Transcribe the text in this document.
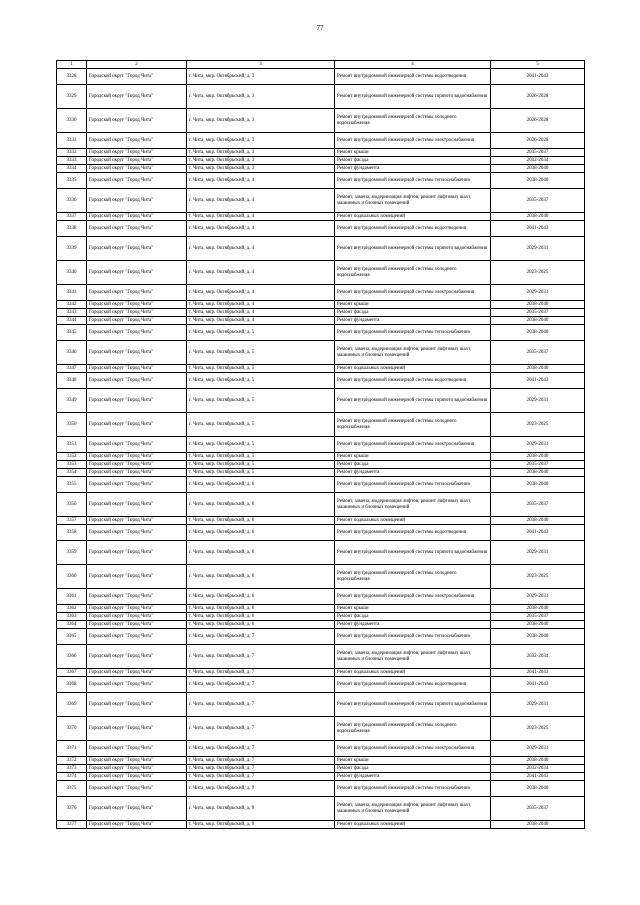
77
1	2	3	4	5
3328	Городской округ "Город Чита"	г. Чита, мкр. Октябрьский, д. 3	Ремонт внутридомовой инженерной системы водоотведения	2041-2043
3329	Городской округ "Город Чита"	г. Чита, мкр. Октябрьский, д. 3	Ремонт внутридомовой инженерной системы горячего водоснабжения	2026-2028
3330	Городской округ "Город Чита"	г. Чита, мкр. Октябрьский, д. 3	Ремонт внутридомовой инженерной системы холодного водоснабжения	2026-2028
3331	Городской округ "Город Чита"	г. Чита, мкр. Октябрьский, д. 3	Ремонт внутридомовой инженерной системы электроснабжения	2026-2028
3332	Городской округ "Город Чита"	г. Чита, мкр. Октябрьский, д. 3	Ремонт крыши	2035-2037
3333	Городской округ "Город Чита"	г. Чита, мкр. Октябрьский, д. 3	Ремонт фасада	2032-2034
3334	Городской округ "Город Чита"	г. Чита, мкр. Октябрьский, д. 3	Ремонт фундамента	2038-2040
3335	Городской округ "Город Чита"	г. Чита, мкр. Октябрьский, д. 4	Ремонт внутридомовой инженерной системы теплоснабжения	2038-2040
3336	Городской округ "Город Чита"	г. Чита, мкр. Октябрьский, д. 4	Ремонт, замена, модернизация лифтов, ремонт лифтовых шахт, машинных и блочных помещений	2035-2037
3337	Городской округ "Город Чита"	г. Чита, мкр. Октябрьский, д. 4	Ремонт подвальных помещений	2038-2040
3338	Городской округ "Город Чита"	г. Чита, мкр. Октябрьский, д. 4	Ремонт внутридомовой инженерной системы водоотведения	2041-2043
3339	Городской округ "Город Чита"	г. Чита, мкр. Октябрьский, д. 4	Ремонт внутридомовой инженерной системы горячего водоснабжения	2029-2031
3340	Городской округ "Город Чита"	г. Чита, мкр. Октябрьский, д. 4	Ремонт внутридомовой инженерной системы холодного водоснабжения	2023-2025
3341	Городской округ "Город Чита"	г. Чита, мкр. Октябрьский, д. 4	Ремонт внутридомовой инженерной системы электроснабжения	2029-2031
3342	Городской округ "Город Чита"	г. Чита, мкр. Октябрьский, д. 4	Ремонт крыши	2038-2040
3343	Городской округ "Город Чита"	г. Чита, мкр. Октябрьский, д. 4	Ремонт фасада	2035-2037
3344	Городской округ "Город Чита"	г. Чита, мкр. Октябрьский, д. 4	Ремонт фундамента	2038-2040
3345	Городской округ "Город Чита"	г. Чита, мкр. Октябрьский, д. 5	Ремонт внутридомовой инженерной системы теплоснабжения	2038-2040
3346	Городской округ "Город Чита"	г. Чита, мкр. Октябрьский, д. 5	Ремонт, замена, модернизация лифтов, ремонт лифтовых шахт, машинных и блочных помещений	2035-2037
3347	Городской округ "Город Чита"	г. Чита, мкр. Октябрьский, д. 5	Ремонт подвальных помещений	2038-2040
3348	Городской округ "Город Чита"	г. Чита, мкр. Октябрьский, д. 5	Ремонт внутридомовой инженерной системы водоотведения	2041-2043
3349	Городской округ "Город Чита"	г. Чита, мкр. Октябрьский, д. 5	Ремонт внутридомовой инженерной системы горячего водоснабжения	2029-2031
3350	Городской округ "Город Чита"	г. Чита, мкр. Октябрьский, д. 5	Ремонт внутридомовой инженерной системы холодного водоснабжения	2023-2025
3351	Городской округ "Город Чита"	г. Чита, мкр. Октябрьский, д. 5	Ремонт внутридомовой инженерной системы электроснабжения	2029-2031
3352	Городской округ "Город Чита"	г. Чита, мкр. Октябрьский, д. 5	Ремонт крыши	2038-2040
3353	Городской округ "Город Чита"	г. Чита, мкр. Октябрьский, д. 5	Ремонт фасада	2035-2037
3354	Городской округ "Город Чита"	г. Чита, мкр. Октябрьский, д. 5	Ремонт фундамента	2038-2040
3355	Городской округ "Город Чита"	г. Чита, мкр. Октябрьский, д. 6	Ремонт внутридомовой инженерной системы теплоснабжения	2038-2040
3356	Городской округ "Город Чита"	г. Чита, мкр. Октябрьский, д. 6	Ремонт, замена, модернизация лифтов, ремонт лифтовых шахт, машинных и блочных помещений	2035-2037
3357	Городской округ "Город Чита"	г. Чита, мкр. Октябрьский, д. 6	Ремонт подвальных помещений	2038-2040
3358	Городской округ "Город Чита"	г. Чита, мкр. Октябрьский, д. 6	Ремонт внутридомовой инженерной системы водоотведения	2041-2043
3359	Городской округ "Город Чита"	г. Чита, мкр. Октябрьский, д. 6	Ремонт внутридомовой инженерной системы горячего водоснабжения	2029-2031
3360	Городской округ "Город Чита"	г. Чита, мкр. Октябрьский, д. 6	Ремонт внутридомовой инженерной системы холодного водоснабжения	2023-2025
3361	Городской округ "Город Чита"	г. Чита, мкр. Октябрьский, д. 6	Ремонт внутридомовой инженерной системы электроснабжения	2029-2031
3362	Городской округ "Город Чита"	г. Чита, мкр. Октябрьский, д. 6	Ремонт крыши	2038-2040
3363	Городской округ "Город Чита"	г. Чита, мкр. Октябрьский, д. 6	Ремонт фасада	2035-2037
3364	Городской округ "Город Чита"	г. Чита, мкр. Октябрьский, д. 6	Ремонт фундамента	2038-2040
3365	Городской округ "Город Чита"	г. Чита, мкр. Октябрьский, д. 7	Ремонт внутридомовой инженерной системы теплоснабжения	2038-2040
3366	Городской округ "Город Чита"	г. Чита, мкр. Октябрьский, д. 7	Ремонт, замена, модернизация лифтов, ремонт лифтовых шахт, машинных и блочных помещений	2032-2034
3367	Городской округ "Город Чита"	г. Чита, мкр. Октябрьский, д. 7	Ремонт подвальных помещений	2041-2043
3368	Городской округ "Город Чита"	г. Чита, мкр. Октябрьский, д. 7	Ремонт внутридомовой инженерной системы водоотведения	2041-2043
3369	Городской округ "Город Чита"	г. Чита, мкр. Октябрьский, д. 7	Ремонт внутридомовой инженерной системы горячего водоснабжения	2029-2031
3370	Городской округ "Город Чита"	г. Чита, мкр. Октябрьский, д. 7	Ремонт внутридомовой инженерной системы холодного водоснабжения	2023-2025
3371	Городской округ "Город Чита"	г. Чита, мкр. Октябрьский, д. 7	Ремонт внутридомовой инженерной системы электроснабжения	2029-2031
3372	Городской округ "Город Чита"	г. Чита, мкр. Октябрьский, д. 7	Ремонт крыши	2038-2040
3373	Городской округ "Город Чита"	г. Чита, мкр. Октябрьский, д. 7	Ремонт фасада	2032-2034
3374	Городской округ "Город Чита"	г. Чита, мкр. Октябрьский, д. 7	Ремонт фундамента	2041-2043
3375	Городской округ "Город Чита"	г. Чита, мкр. Октябрьский, д. 9	Ремонт внутридомовой инженерной системы теплоснабжения	2038-2040
3376	Городской округ "Город Чита"	г. Чита, мкр. Октябрьский, д. 9	Ремонт, замена, модернизация лифтов, ремонт лифтовых шахт, машинных и блочных помещений	2035-2037
3377	Городской округ "Город Чита"	г. Чита, мкр. Октябрьский, д. 9	Ремонт подвальных помещений	2038-2040
